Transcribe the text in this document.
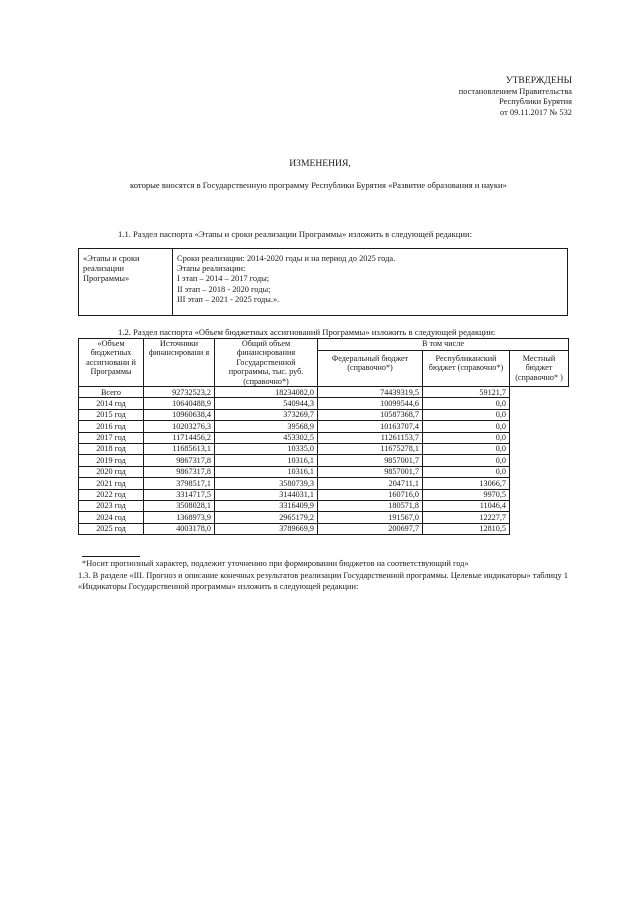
УТВЕРЖДЕНЫ
постановлением Правительства
Республики Бурятия
от 09.11.2017 № 532
ИЗМЕНЕНИЯ,
которые вносятся в Государственную программу Республики Бурятия «Развитие образования и науки»
1.1. Раздел паспорта «Этапы и сроки реализации Программы» изложить в следующей редакции:
«Этапы и сроки реализации Программы»
Сроки реализации: 2014-2020 годы и на период до 2025 года.
Этапы реализации:
I этап – 2014 – 2017 годы;
II этап – 2018 - 2020 годы;
III этап – 2021 - 2025 годы.».
1.2. Раздел паспорта «Объем бюджетных ассигнований Программы» изложить в следующей редакции:
«Объем бюджетных ассигновани й Программы	Источники финансировани я	Общий объем финансирования Государственной программы, тыс. руб. (справочно*)	В том числе		
			Федеральный бюджет (справочно*)	Республиканский бюджет (справочно*)	Местный бюджет (справочно* )
Всего	92732523,2	18234082,0	74439319,5	59121,7	
2014 год	10640488,9	540944,3	10099544,6	0,0	
2015 год	10960638,4	373269,7	10587368,7	0,0	
2016 год	10203276,3	39568,9	10163707,4	0,0	
2017 год	11714456,2	453302,5	11261153,7	0,0	
2018 год	11685613,1	10335,0	11675278,1	0,0	
2019 год	9867317,8	10316,1	9857001,7	0,0	
2020 год	9867317,8	10316,1	9857001,7	0,0	
2021 год	3798517,1	3580739,3	204711,1	13066,7	
2022 год	3314717,5	3144031,1	160716,0	9970,5	
2023 год	3508028,1	3316409,9	180571,8	11046,4	
2024 год	1368973,9	2965179,2	191567,0	12227,7	
2025 год	4003178,0	3789669,9	200697,7	12810,5	
*Носит прогнозный характер, подлежит уточнению при формировании бюджетов на соответствующий год»
1.3. В разделе «III. Прогноз и описание конечных результатов реализации Государственной программы. Целевые индикаторы» таблицу 1 «Индикаторы Государственной программы» изложить в следующей редакции:
